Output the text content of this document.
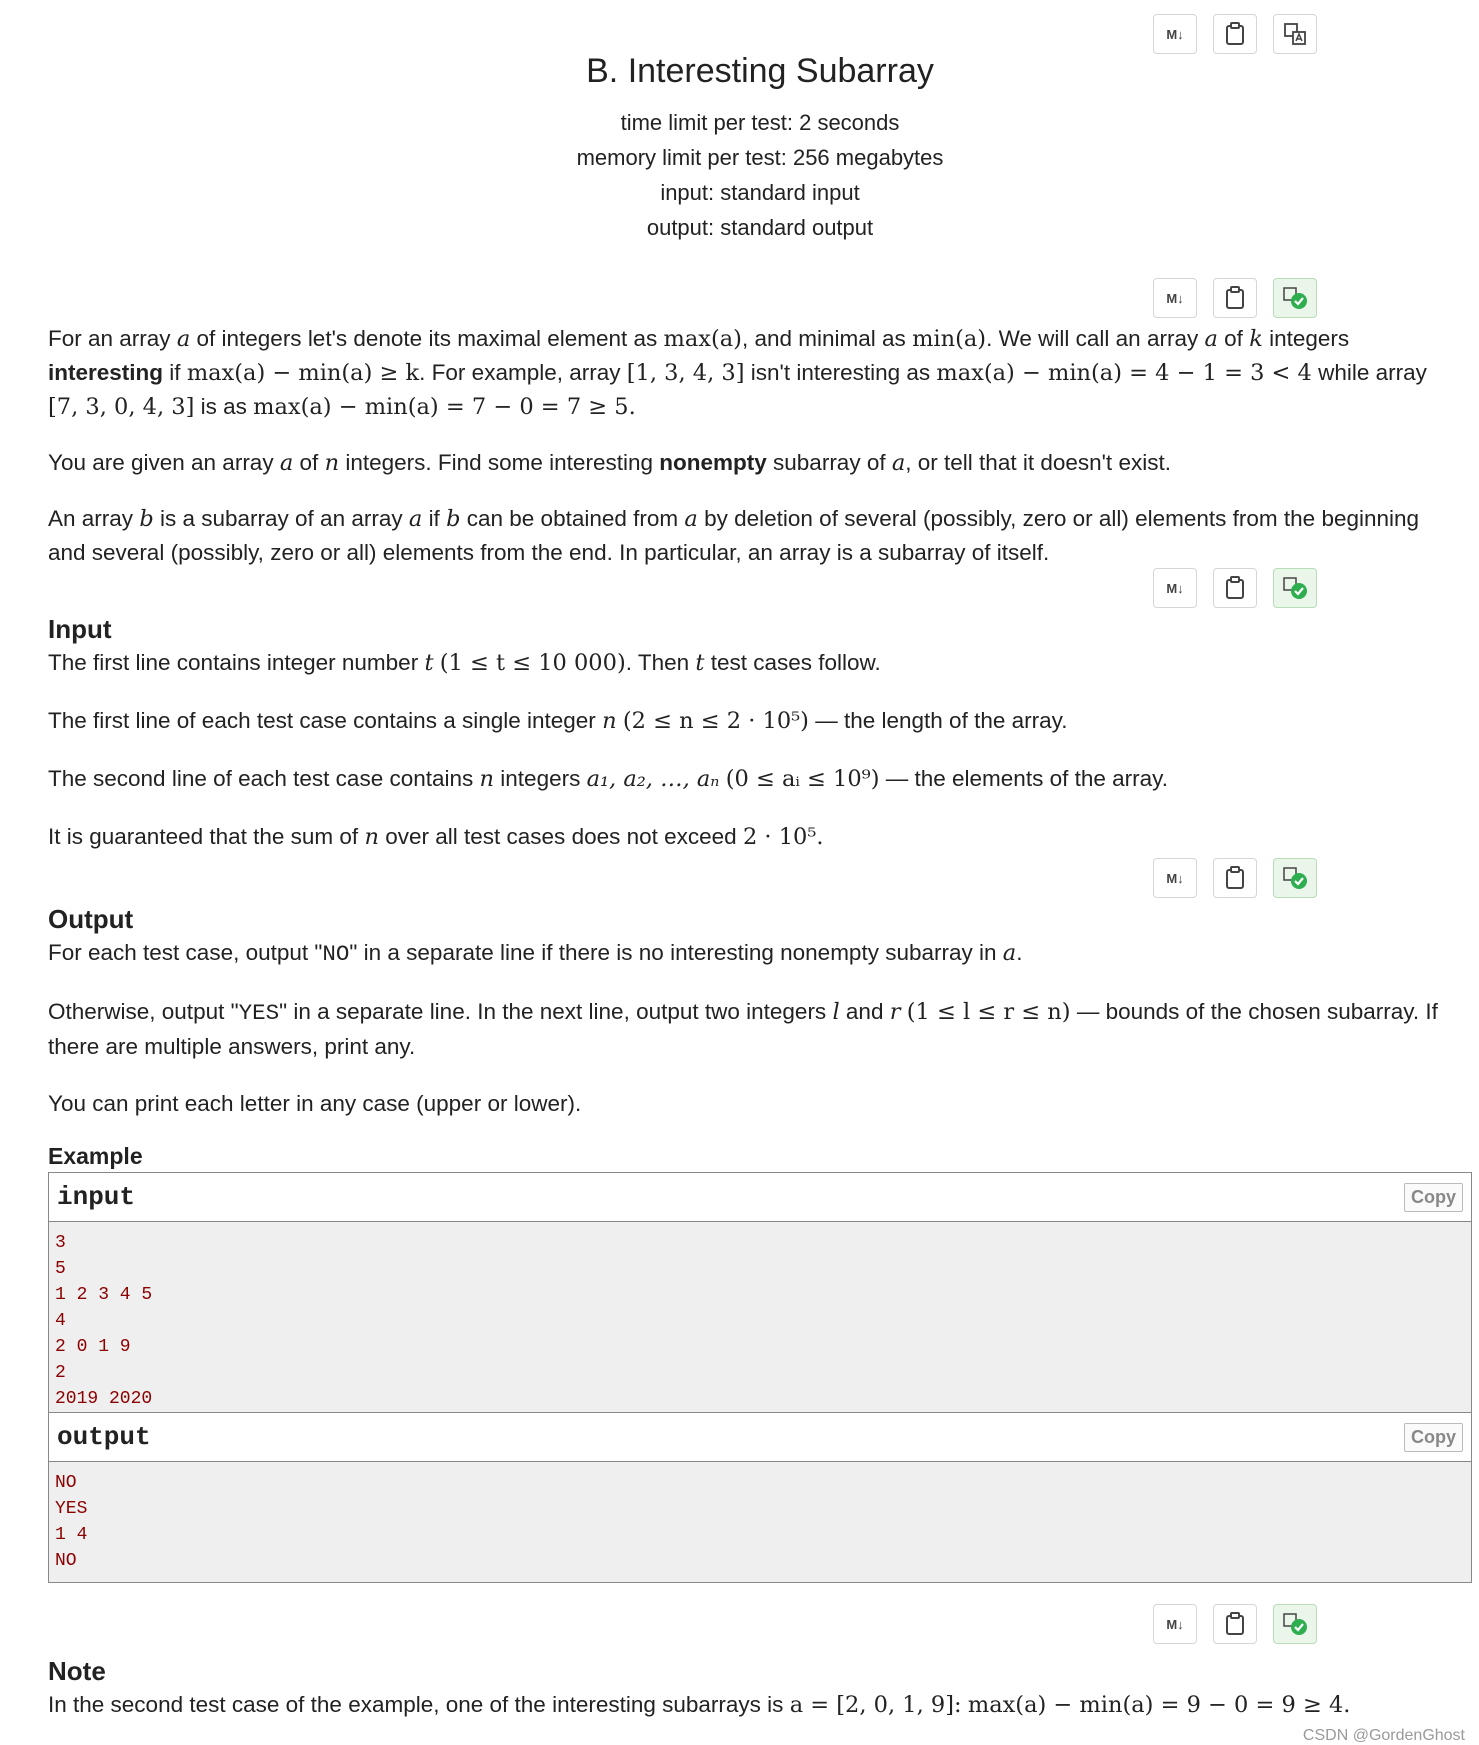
M↓
B. Interesting Subarray
time limit per test: 2 seconds
memory limit per test: 256 megabytes
input: standard input
output: standard output
M↓

For an array a of integers let's denote its maximal element as max(a), and minimal as min(a). We will call an array a of k integers interesting if max(a) − min(a) ≥ k. For example, array [1, 3, 4, 3] isn't interesting as max(a) − min(a) = 4 − 1 = 3 < 4 while array [7, 3, 0, 4, 3] is as max(a) − min(a) = 7 − 0 = 7 ≥ 5.

You are given an array a of n integers. Find some interesting nonempty subarray of a, or tell that it doesn't exist.

An array b is a subarray of an array a if b can be obtained from a by deletion of several (possibly, zero or all) elements from the beginning and several (possibly, zero or all) elements from the end. In particular, an array is a subarray of itself.

M↓
Input

The first line contains integer number t (1 ≤ t ≤ 10 000). Then t test cases follow.

The first line of each test case contains a single integer n (2 ≤ n ≤ 2 · 10⁵) — the length of the array.

The second line of each test case contains n integers a₁, a₂, …, aₙ (0 ≤ aᵢ ≤ 10⁹) — the elements of the array.

It is guaranteed that the sum of n over all test cases does not exceed 2 · 10⁵.

M↓
Output

For each test case, output "NO" in a separate line if there is no interesting nonempty subarray in a.

Otherwise, output "YES" in a separate line. In the next line, output two integers l and r (1 ≤ l ≤ r ≤ n) — bounds of the chosen subarray. If there are multiple answers, print any.

You can print each letter in any case (upper or lower).

Example
input	Copy
3
5
1 2 3 4 5
4
2 0 1 9
2
2019 2020
output	Copy
NO
YES
1 4
NO
M↓
Note

In the second test case of the example, one of the interesting subarrays is a = [2, 0, 1, 9]: max(a) − min(a) = 9 − 0 = 9 ≥ 4.

CSDN @GordenGhost
